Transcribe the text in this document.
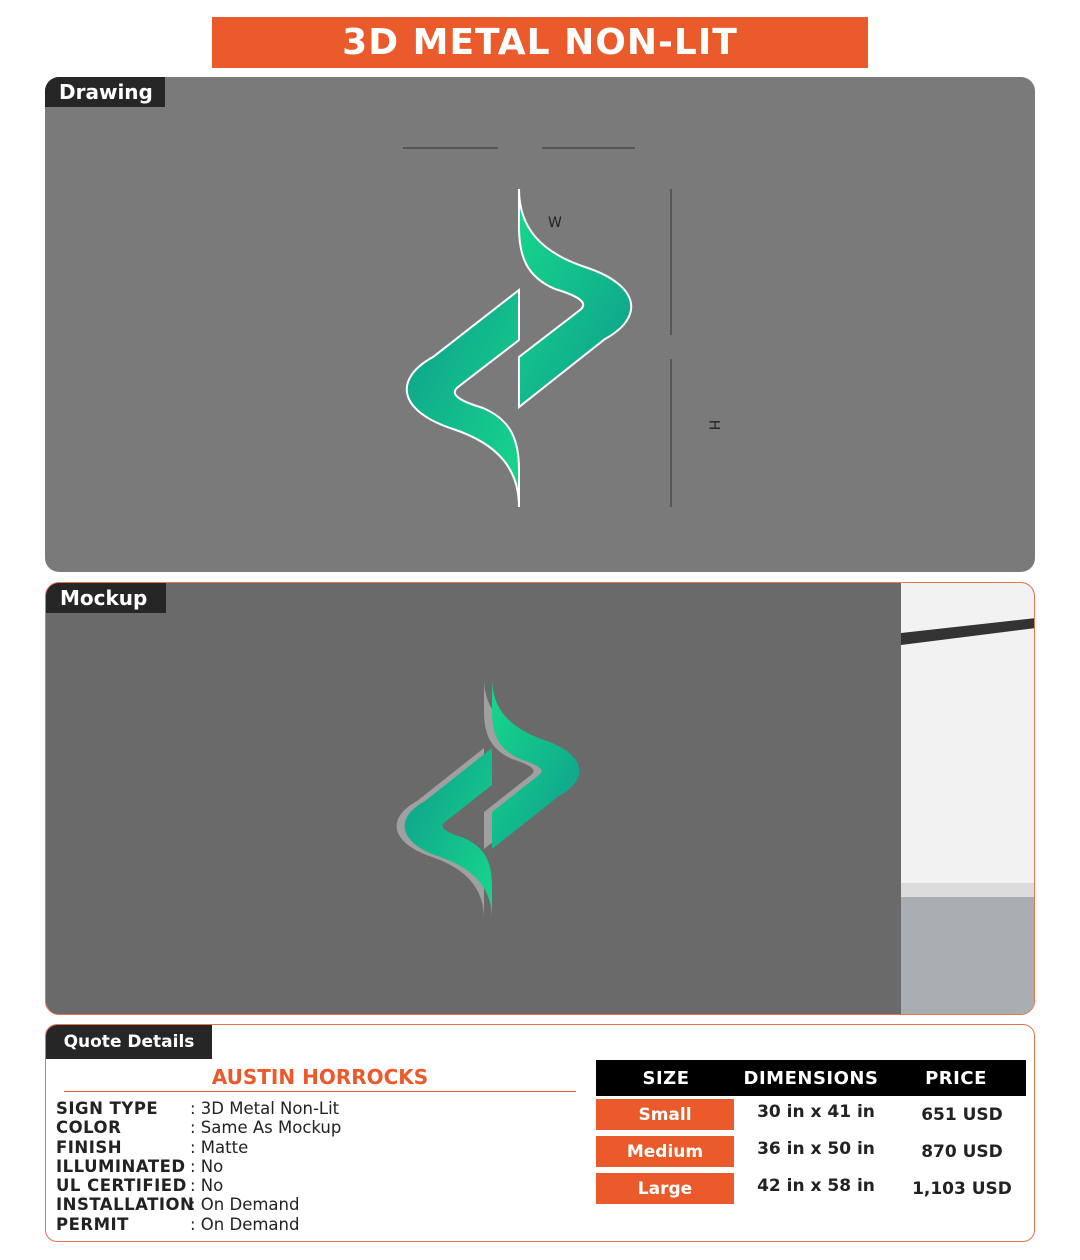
3D METAL NON-LIT
Drawing
W
H
Mockup
Quote Details
AUSTIN HORROCKS
SIGN TYPE	: 3D Metal Non-Lit
COLOR	: Same As Mockup
FINISH	: Matte
ILLUMINATED : No
UL CERTIFIED : No
INSTALLATION
: On Demand
PERMIT	: On Demand
SIZE	DIMENSIONS	PRICE
Small	30 in x 41 in	651 USD
Medium	36 in x 50 in	870 USD
Large	42 in x 58 in	1,103 USD
